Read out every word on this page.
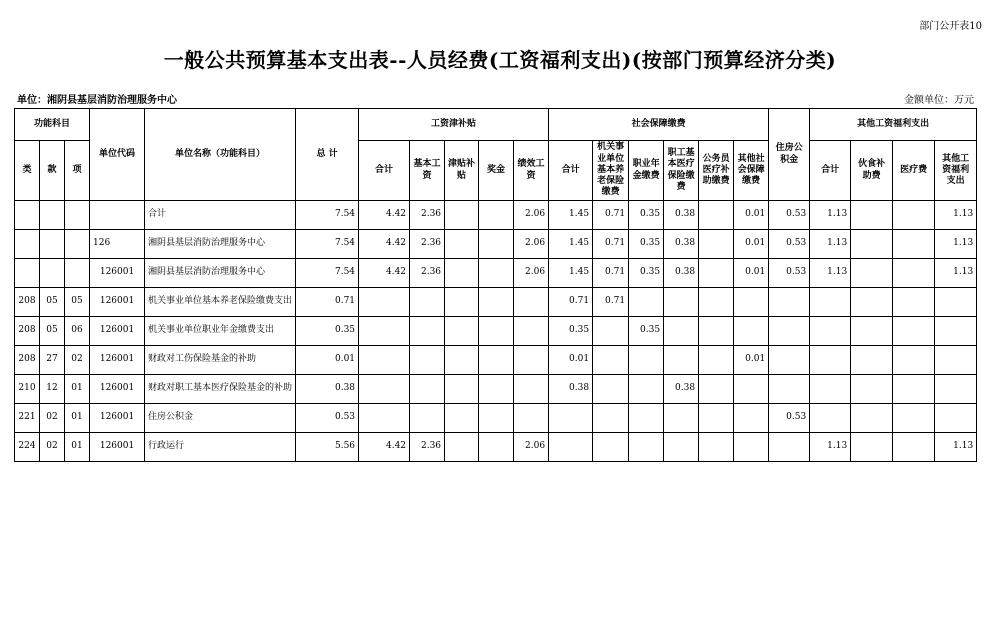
部门公开表10
一般公共预算基本支出表--人员经费(工资福利支出)(按部门预算经济分类)
单位：湘阴县基层消防治理服务中心	金额单位：万元
功能科目			单位代码	单位名称（功能科目）	总 计	工资津补贴					社会保障缴费						住房公积金	其他工资福利支出			
类	款	项				合计	基本工资	津贴补贴	奖金	绩效工资	合计	机关事业单位基本养老保险缴费	职业年金缴费	职工基本医疗保险缴费	公务员医疗补助缴费	其他社会保障缴费		合计	伙食补助费	医疗费	其他工资福利支出
				合计	7.54	4.42	2.36			2.06	1.45	0.71	0.35	0.38		0.01	0.53	1.13			1.13
			126	湘阴县基层消防治理服务中心	7.54	4.42	2.36			2.06	1.45	0.71	0.35	0.38		0.01	0.53	1.13			1.13
			126001	湘阴县基层消防治理服务中心	7.54	4.42	2.36			2.06	1.45	0.71	0.35	0.38		0.01	0.53	1.13			1.13
208	05	05	126001	机关事业单位基本养老保险缴费支出	0.71						0.71	0.71									
208	05	06	126001	机关事业单位职业年金缴费支出	0.35						0.35		0.35								
208	27	02	126001	财政对工伤保险基金的补助	0.01						0.01					0.01					
210	12	01	126001	财政对职工基本医疗保险基金的补助	0.38						0.38			0.38							
221	02	01	126001	住房公积金	0.53												0.53				
224	02	01	126001	行政运行	5.56	4.42	2.36			2.06								1.13			1.13
